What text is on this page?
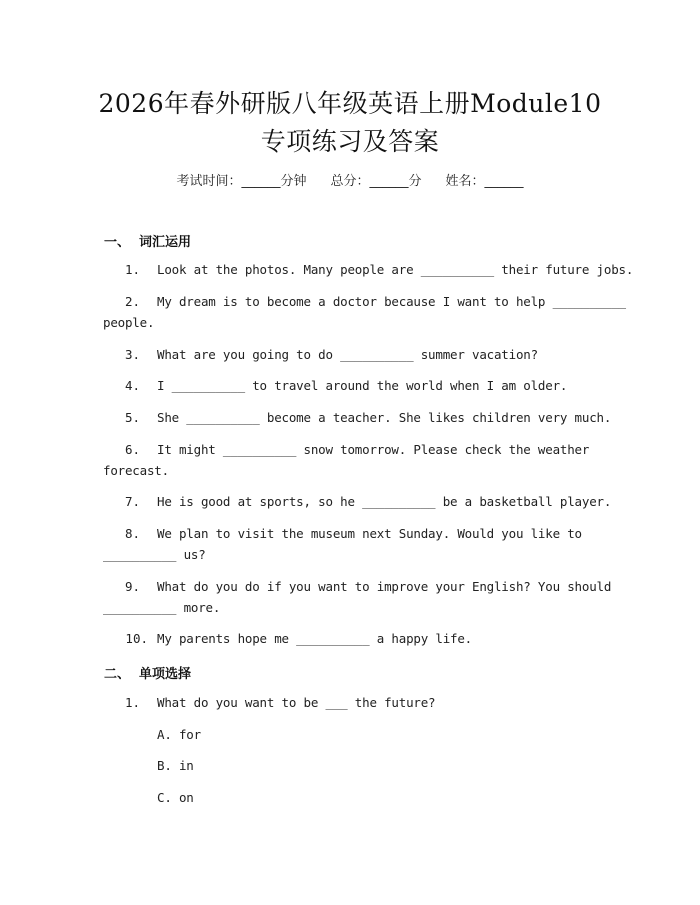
2026年春外研版八年级英语上册Module10
专项练习及答案
考试时间：______分钟 总分：______分 姓名：______
一、  词汇运用
1. Look at the photos. Many people are __________ their future jobs.
2. My dream is to become a doctor because I want to help __________
people.
3. What are you going to do __________ summer vacation?
4. I __________ to travel around the world when I am older.
5. She __________ become a teacher. She likes children very much.
6. It might __________ snow tomorrow. Please check the weather
forecast.
7. He is good at sports, so he __________ be a basketball player.
8. We plan to visit the museum next Sunday. Would you like to
__________ us?
9. What do you do if you want to improve your English? You should
__________ more.
10. My parents hope me __________ a happy life.
二、  单项选择
1. What do you want to be ___ the future?
A. for
B. in
C. on
